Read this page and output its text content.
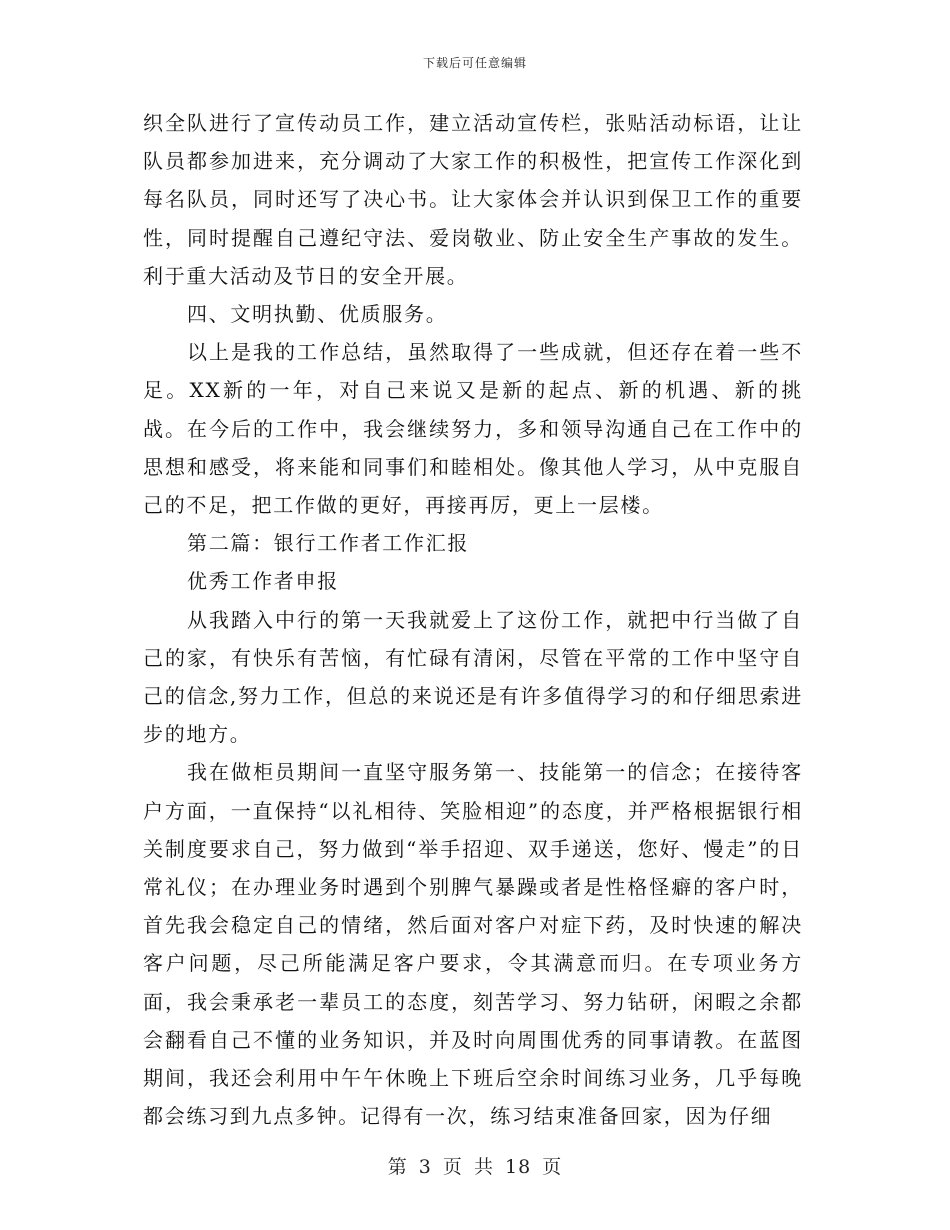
下载后可任意编辑

织全队进行了宣传动员工作，建立活动宣传栏，张贴活动标语，让让队员都参加进来，充分调动了大家工作的积极性，把宣传工作深化到每名队员，同时还写了决心书。让大家体会并认识到保卫工作的重要性，同时提醒自己遵纪守法、爱岗敬业、防止安全生产事故的发生。利于重大活动及节日的安全开展。

四、文明执勤、优质服务。

以上是我的工作总结，虽然取得了一些成就，但还存在着一些不足。XX新的一年，对自己来说又是新的起点、新的机遇、新的挑战。在今后的工作中，我会继续努力，多和领导沟通自己在工作中的思想和感受，将来能和同事们和睦相处。像其他人学习，从中克服自己的不足，把工作做的更好，再接再厉，更上一层楼。

第二篇：银行工作者工作汇报

优秀工作者申报

从我踏入中行的第一天我就爱上了这份工作，就把中行当做了自己的家，有快乐有苦恼，有忙碌有清闲，尽管在平常的工作中坚守自己的信念,努力工作，但总的来说还是有许多值得学习的和仔细思索进步的地方。

我在做柜员期间一直坚守服务第一、技能第一的信念；在接待客户方面，一直保持“以礼相待、笑脸相迎”的态度，并严格根据银行相关制度要求自己，努力做到“举手招迎、双手递送，您好、慢走”的日常礼仪；在办理业务时遇到个别脾气暴躁或者是性格怪癖的客户时，首先我会稳定自己的情绪，然后面对客户对症下药，及时快速的解决客户问题，尽己所能满足客户要求，令其满意而归。在专项业务方面，我会秉承老一辈员工的态度，刻苦学习、努力钻研，闲暇之余都会翻看自己不懂的业务知识，并及时向周围优秀的同事请教。在蓝图期间，我还会利用中午午休晚上下班后空余时间练习业务，几乎每晚都会练习到九点多钟。记得有一次，练习结束准备回家，因为仔细

第 3 页 共 18 页
